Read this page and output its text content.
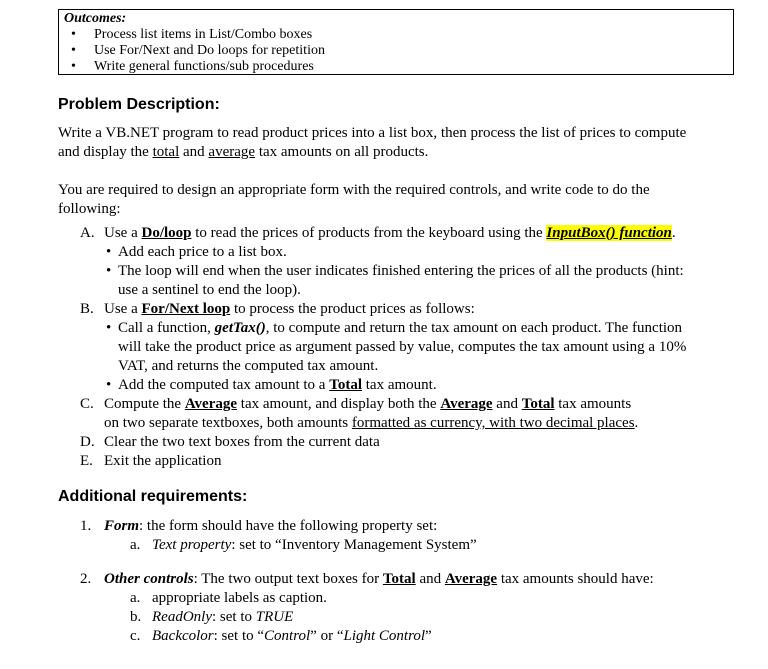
Outcomes:
• Process list items in List/Combo boxes
• Use For/Next and Do loops for repetition
• Write general functions/sub procedures
Problem Description:
Write a VB.NET program to read product prices into a list box, then process the list of prices to compute
and display the total and average tax amounts on all products.
You are required to design an appropriate form with the required controls, and write code to do the
following:
A. Use a Do/loop to read the prices of products from the keyboard using the InputBox() function.
• Add each price to a list box.
• The loop will end when the user indicates finished entering the prices of all the products (hint:
use a sentinel to end the loop).
B. Use a For/Next loop to process the product prices as follows:
• Call a function, getTax(), to compute and return the tax amount on each product. The function
will take the product price as argument passed by value, computes the tax amount using a 10%
VAT, and returns the computed tax amount.
• Add the computed tax amount to a Total tax amount.
C. Compute the Average tax amount, and display both the Average and Total tax amounts
on two separate textboxes, both amounts formatted as currency, with two decimal places.
D. Clear the two text boxes from the current data
E. Exit the application
Additional requirements:
1. Form: the form should have the following property set:
a. Text property: set to “Inventory Management System”
2. Other controls: The two output text boxes for Total and Average tax amounts should have:
a. appropriate labels as caption.
b. ReadOnly: set to TRUE
c. Backcolor: set to “Control” or “Light Control”
